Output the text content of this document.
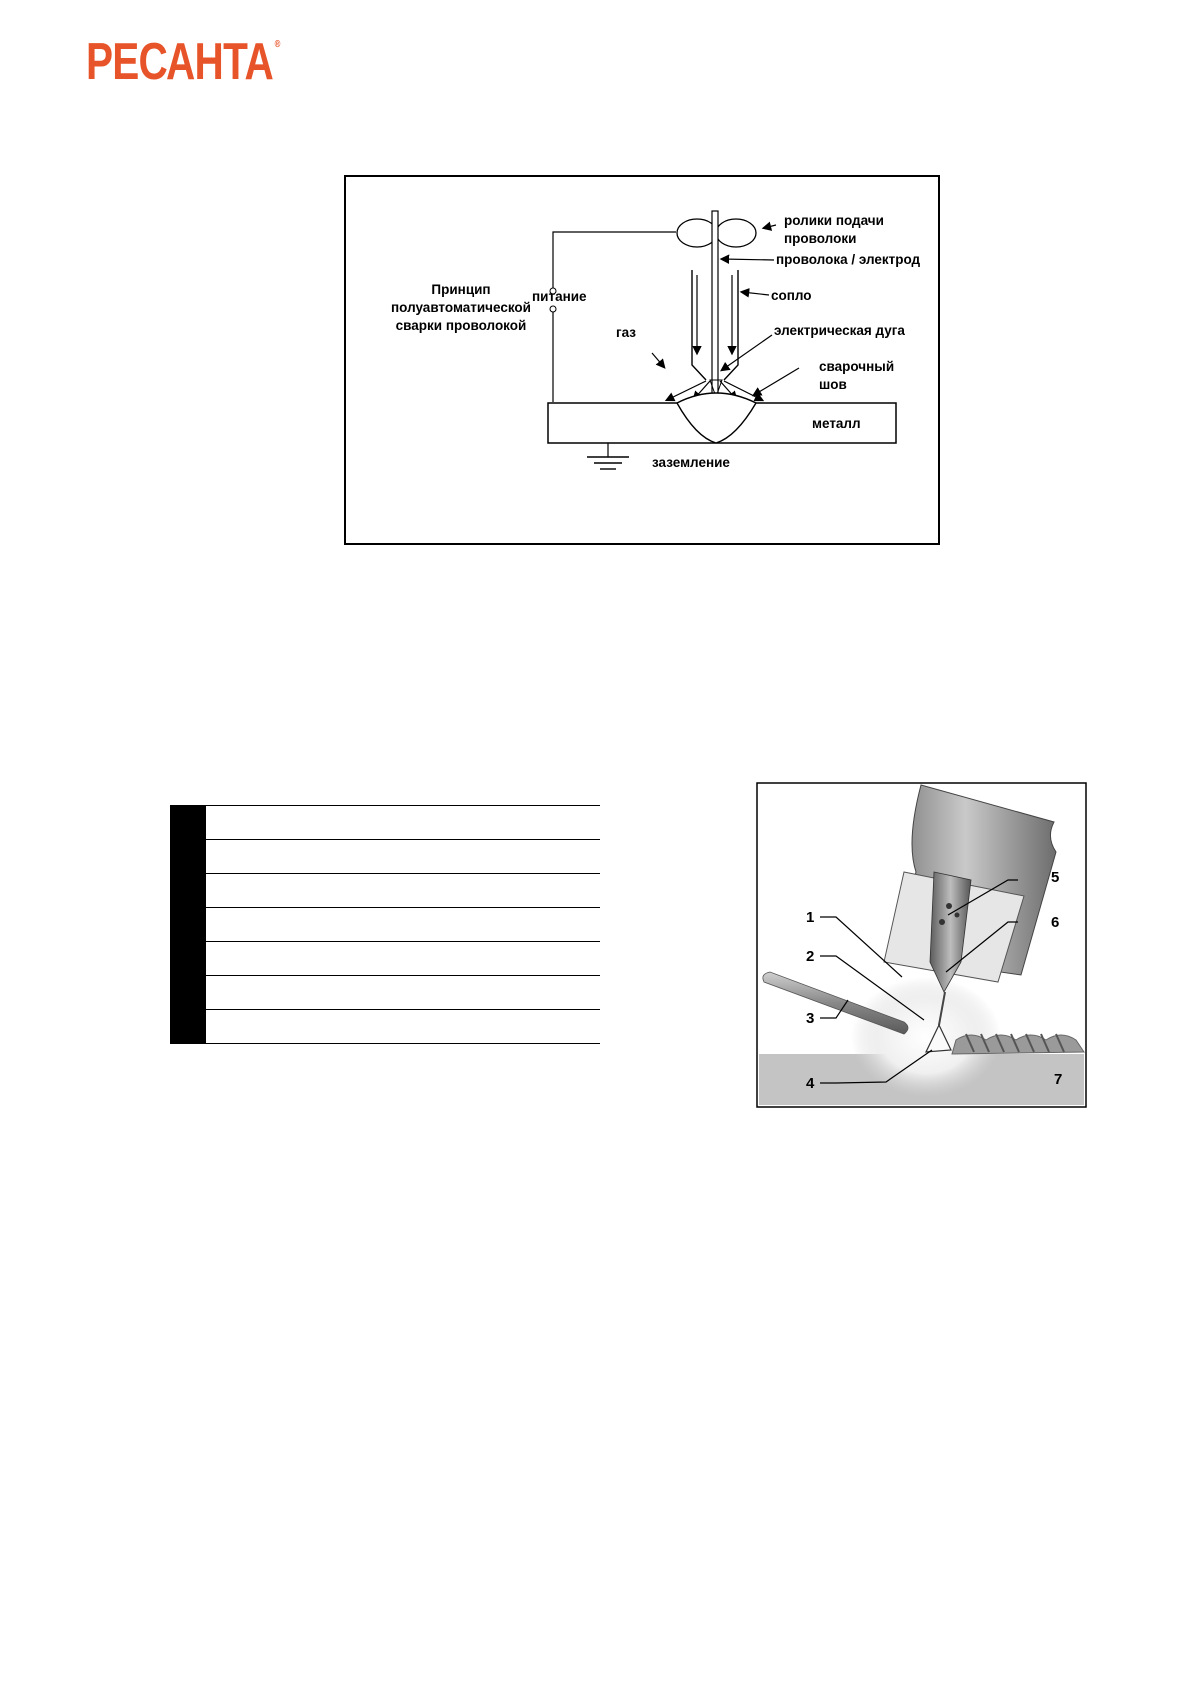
РЕСАНТА ®
Принцип
полуавтоматической
сварки проволокой
ролики подачи
проволоки
проволока / электрод
сопло
питание
газ	электрическая дуга
сварочный
шов
металл
заземление
1
2
3
4
5
6
7
